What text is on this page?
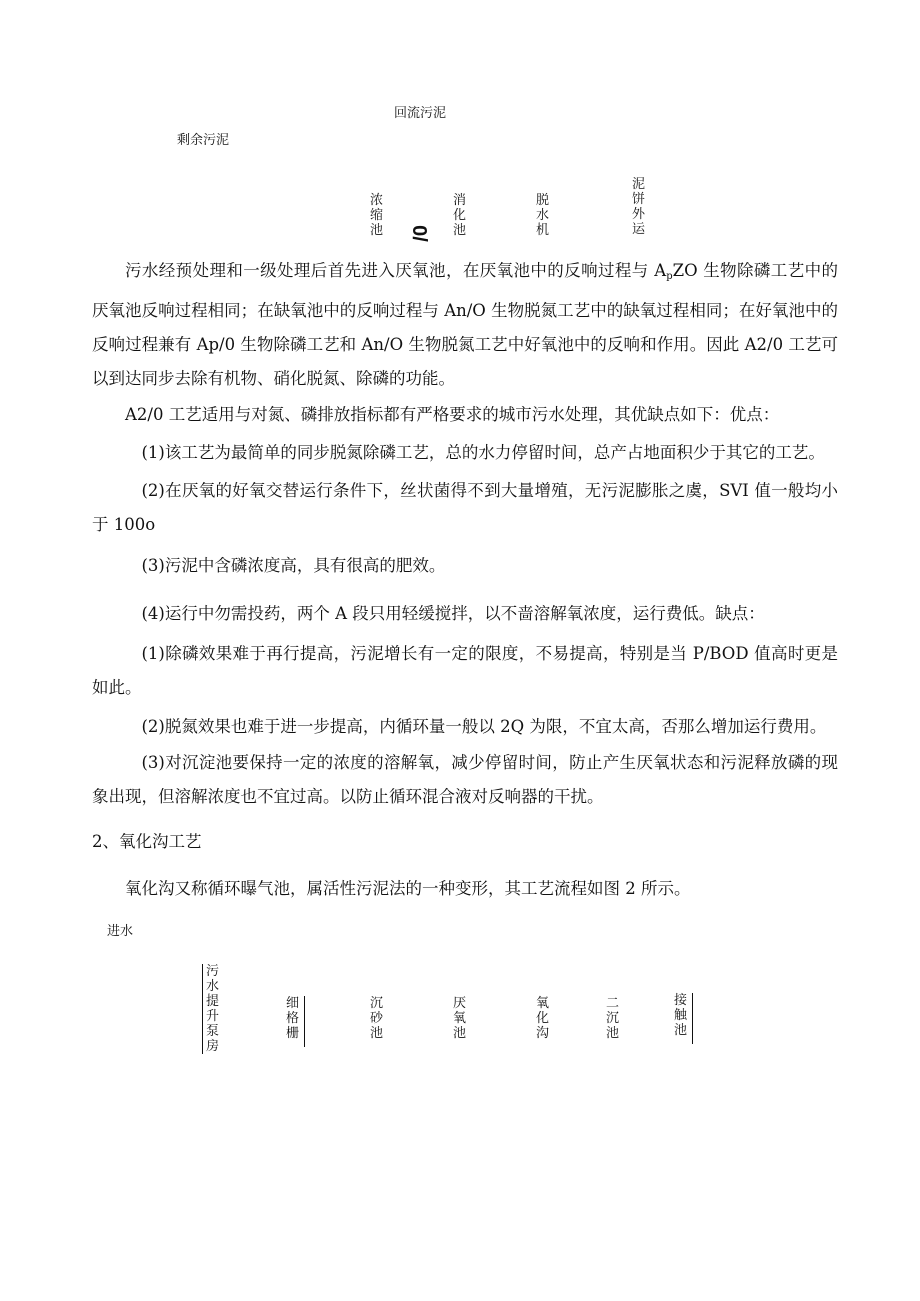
回流污泥
剩余污泥
浓缩池 0/
消化池
脱水机
泥饼外运
污水经预处理和一级处理后首先进入厌氧池，在厌氧池中的反响过程与 $A_pZO$ 生物除磷工艺中的厌氧池反响过程相同；在缺氧池中的反响过程与 An/O 生物脱氮工艺中的缺氧过程相同；在好氧池中的反响过程兼有 Ap/0 生物除磷工艺和 An/O 生物脱氮工艺中好氧池中的反响和作用。因此 A2/0 工艺可以到达同步去除有机物、硝化脱氮、除磷的功能。
A2/0 工艺适用与对氮、磷排放指标都有严格要求的城市污水处理，其优缺点如下：优点：
(1)该工艺为最简单的同步脱氮除磷工艺，总的水力停留时间，总产占地面积少于其它的工艺。
(2)在厌氧的好氧交替运行条件下，丝状菌得不到大量增殖，无污泥膨胀之虞，SVI 值一般均小于 100o
(3)污泥中含磷浓度高，具有很高的肥效。
(4)运行中勿需投药，两个 A 段只用轻缓搅拌，以不啬溶解氧浓度，运行费低。缺点：
(1)除磷效果难于再行提高，污泥增长有一定的限度，不易提高，特别是当 P/BOD 值高时更是如此。
(2)脱氮效果也难于进一步提高，内循环量一般以 2Q 为限，不宜太高，否那么增加运行费用。
(3)对沉淀池要保持一定的浓度的溶解氧，减少停留时间，防止产生厌氧状态和污泥释放磷的现象出现，但溶解浓度也不宜过高。以防止循环混合液对反响器的干扰。
2、氧化沟工艺
氧化沟又称循环曝气池，属活性污泥法的一种变形，其工艺流程如图 2 所示。
进水
污水提升泵房
细格栅
沉砂池
厌氧池
氧化沟
二沉池
接触池
